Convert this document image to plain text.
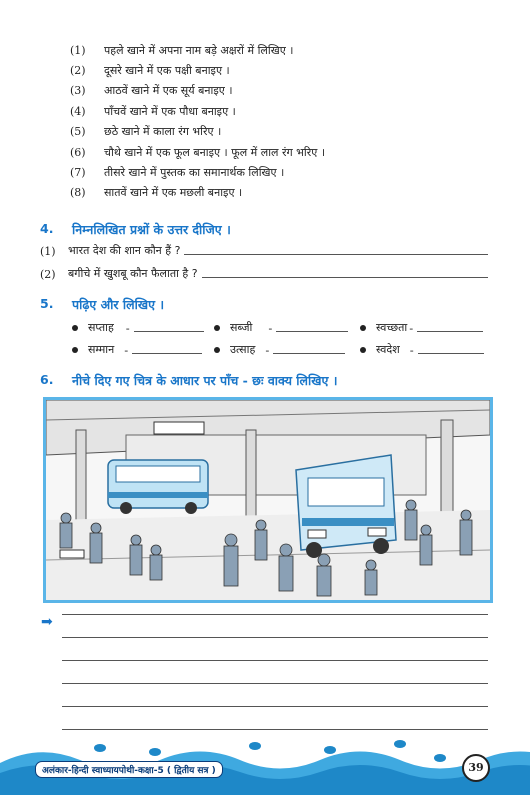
(1)	पहले खाने में अपना नाम बड़े अक्षरों में लिखिए ।
(2)	दूसरे खाने में एक पक्षी बनाइए ।
(3)	आठवें खाने में एक सूर्य बनाइए ।
(4)	पाँचवें खाने में एक पौधा बनाइए ।
(5)	छठे खाने में काला रंग भरिए ।
(6)	चौथे खाने में एक फूल बनाइए । फूल में लाल रंग भरिए ।
(7)	तीसरे खाने में पुस्तक का समानार्थक लिखिए ।
(8)	सातवें खाने में एक मछली बनाइए ।
4. निम्नलिखित प्रश्नों के उत्तर दीजिए ।
(1)	भारत देश की शान कौन हैं ?
(2)	बगीचे में खुशबू कौन फैलाता है ?
5. पढ़िए और लिखिए ।
सप्ताह -	सब्जी -	स्वच्छता -
सम्मान -	उत्साह -	स्वदेश -
6. नीचे दिए गए चित्र के आधार पर पाँच - छः वाक्य लिखिए ।
➡
अलंकार-हिन्दी स्वाध्यायपोथी-कक्षा-5 ( द्वितीय सत्र )	39
